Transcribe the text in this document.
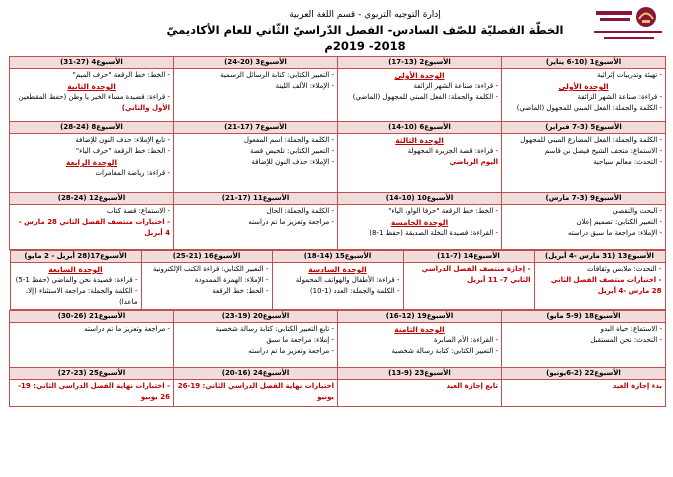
إدارة التوجيه التربوي - قسم اللغة العربية
الخطّة الفصليّة للصّف السادس- الفصل الدّراسيّ الثّاني للعام الأكاديميّ 2018- 2019م
الأسبوع1 (10-6 يناير)
- تهيئة وتدريبات إثرائية
الوحدة الأولى
- قراءة: صناعة الشهر الزائفة
- الكلمة والجملة: الفعل المبني للمجهول (الماضي)

الأسبوع2 (13-17)
الوحدة الأولى
- قراءة: صناعة الشهر الزائفة
- الكلمة والجملة: الفعل المبني للمجهول (الماضي)

الأسبوع3 (20-24)
- التعبير الكتابي: كتابة الرسائل الرسمية
- الإملاء: الألف اللينة

الأسبوع4 (27-31)
- الخط: خط الرقعة "حرف الميم"
الوحدة الثانية
- قراءة: قصيدة مساء الخير يا وطن (حفظ المقطعين
الأول والثاني)

الأسبوع5 (3-7 فبراير)
- الكلمة والجملة: الفعل المضارع المبني للمجهول
- الاستماع: متحف الشيخ فيصل بن قاسم
- التحدث: معالم سياحية

الأسبوع6 (10-14)
الوحدة الثالثة
- قراءة: قصة الجزيرة المجهولة
اليوم الرياضي

الأسبوع7 (17-21)
- الكلمة والجملة: اسم المفعول
- التعبير الكتابي: تلخيص قصة
- الإملاء: حذف النون للإضافة

الأسبوع8 (24-28)
- تابع الإملاء: حذف النون للإضافة
- الخط: خط الرقعة "حرف الياء"
الوحدة الرابعة
- قراءة: رياضة المغامرات

الأسبوع9 (3-7 مارس)
- البحث والتقصي
- التعبير الكتابي: تصميم إعلان
- الإملاء: مراجعة ما سبق دراسته

الأسبوع10 (10-14)
- الخط: خط الرقعة "حرفا الواو، الياء"
الوحدة الخامسة
- القراءة: قصيدة النخلة الصديقة (حفظ 1-8)

الأسبوع11 (17-21)
- الكلمة والجملة: الحال
- مراجعة وتعزيز ما تم دراسته

الأسبوع12 (24-28)
- الاستماع: قصة كتاب
- اختبارات منتصف الفصل الثاني 28 مارس -
4 أبريل

الأسبوع13 (31 مارس -4 أبريل)
- التحدث: ملابس وثقافات
- اختبارات منتصف الفصل الثاني
28 مارس -4 أبريل

الأسبوع14 (7-11)
- إجازة منتصف الفصل الدراسي
الثاني 7- 11 أبريل

الأسبوع15 (14-18)
الوحدة السادسة
- قراءة: الأطفال والهواتف المحمولة
- الكلمة والجملة: العدد (1-10)

الأسبوع16 (21-25)
- التعبير الكتابي: قراءة الكتب الإلكترونية
- الإملاء: الهمزة الممدودة
- الخط: خط الرقعة

الأسبوع17(28 أبريل - 2 مايو)
الوحدة السابعة
- قراءة: قصيدة نحن والماضي (حفظ 1-5)
- الكلمة والجملة: مراجعة الاستثناء (إلا،
ماعدا)

الأسبوع18 (9-5 مايو)
- الاستماع: حياة البدو
- التحدث: نحن المستقبل

الأسبوع19 (12-16)
الوحدة الثامنة
- القراءة: الأم الصابرة
- التعبير الكتابي: كتابة رسالة شخصية

الأسبوع20 (19-23)
- تابع التعبير الكتابي: كتابة رسالة شخصية
- إملاء: مراجعة ما سبق
- مراجعة وتعزيز ما تم دراسته

الأسبوع21 (26-30)
- مراجعة وتعزيز ما تم دراسته

الأسبوع22 (2-6يونيو)
بدء إجازة العيد

الأسبوع23 (9-13)
تابع إجازة العيد

الأسبوع24 (16-20)
اختبارات نهاية الفصل الدراسي الثاني: 19-26
يونيو

الأسبوع25 (23-27)
- اختبارات نهاية الفصل الدراسي الثاني: 19-
26 يونيو
